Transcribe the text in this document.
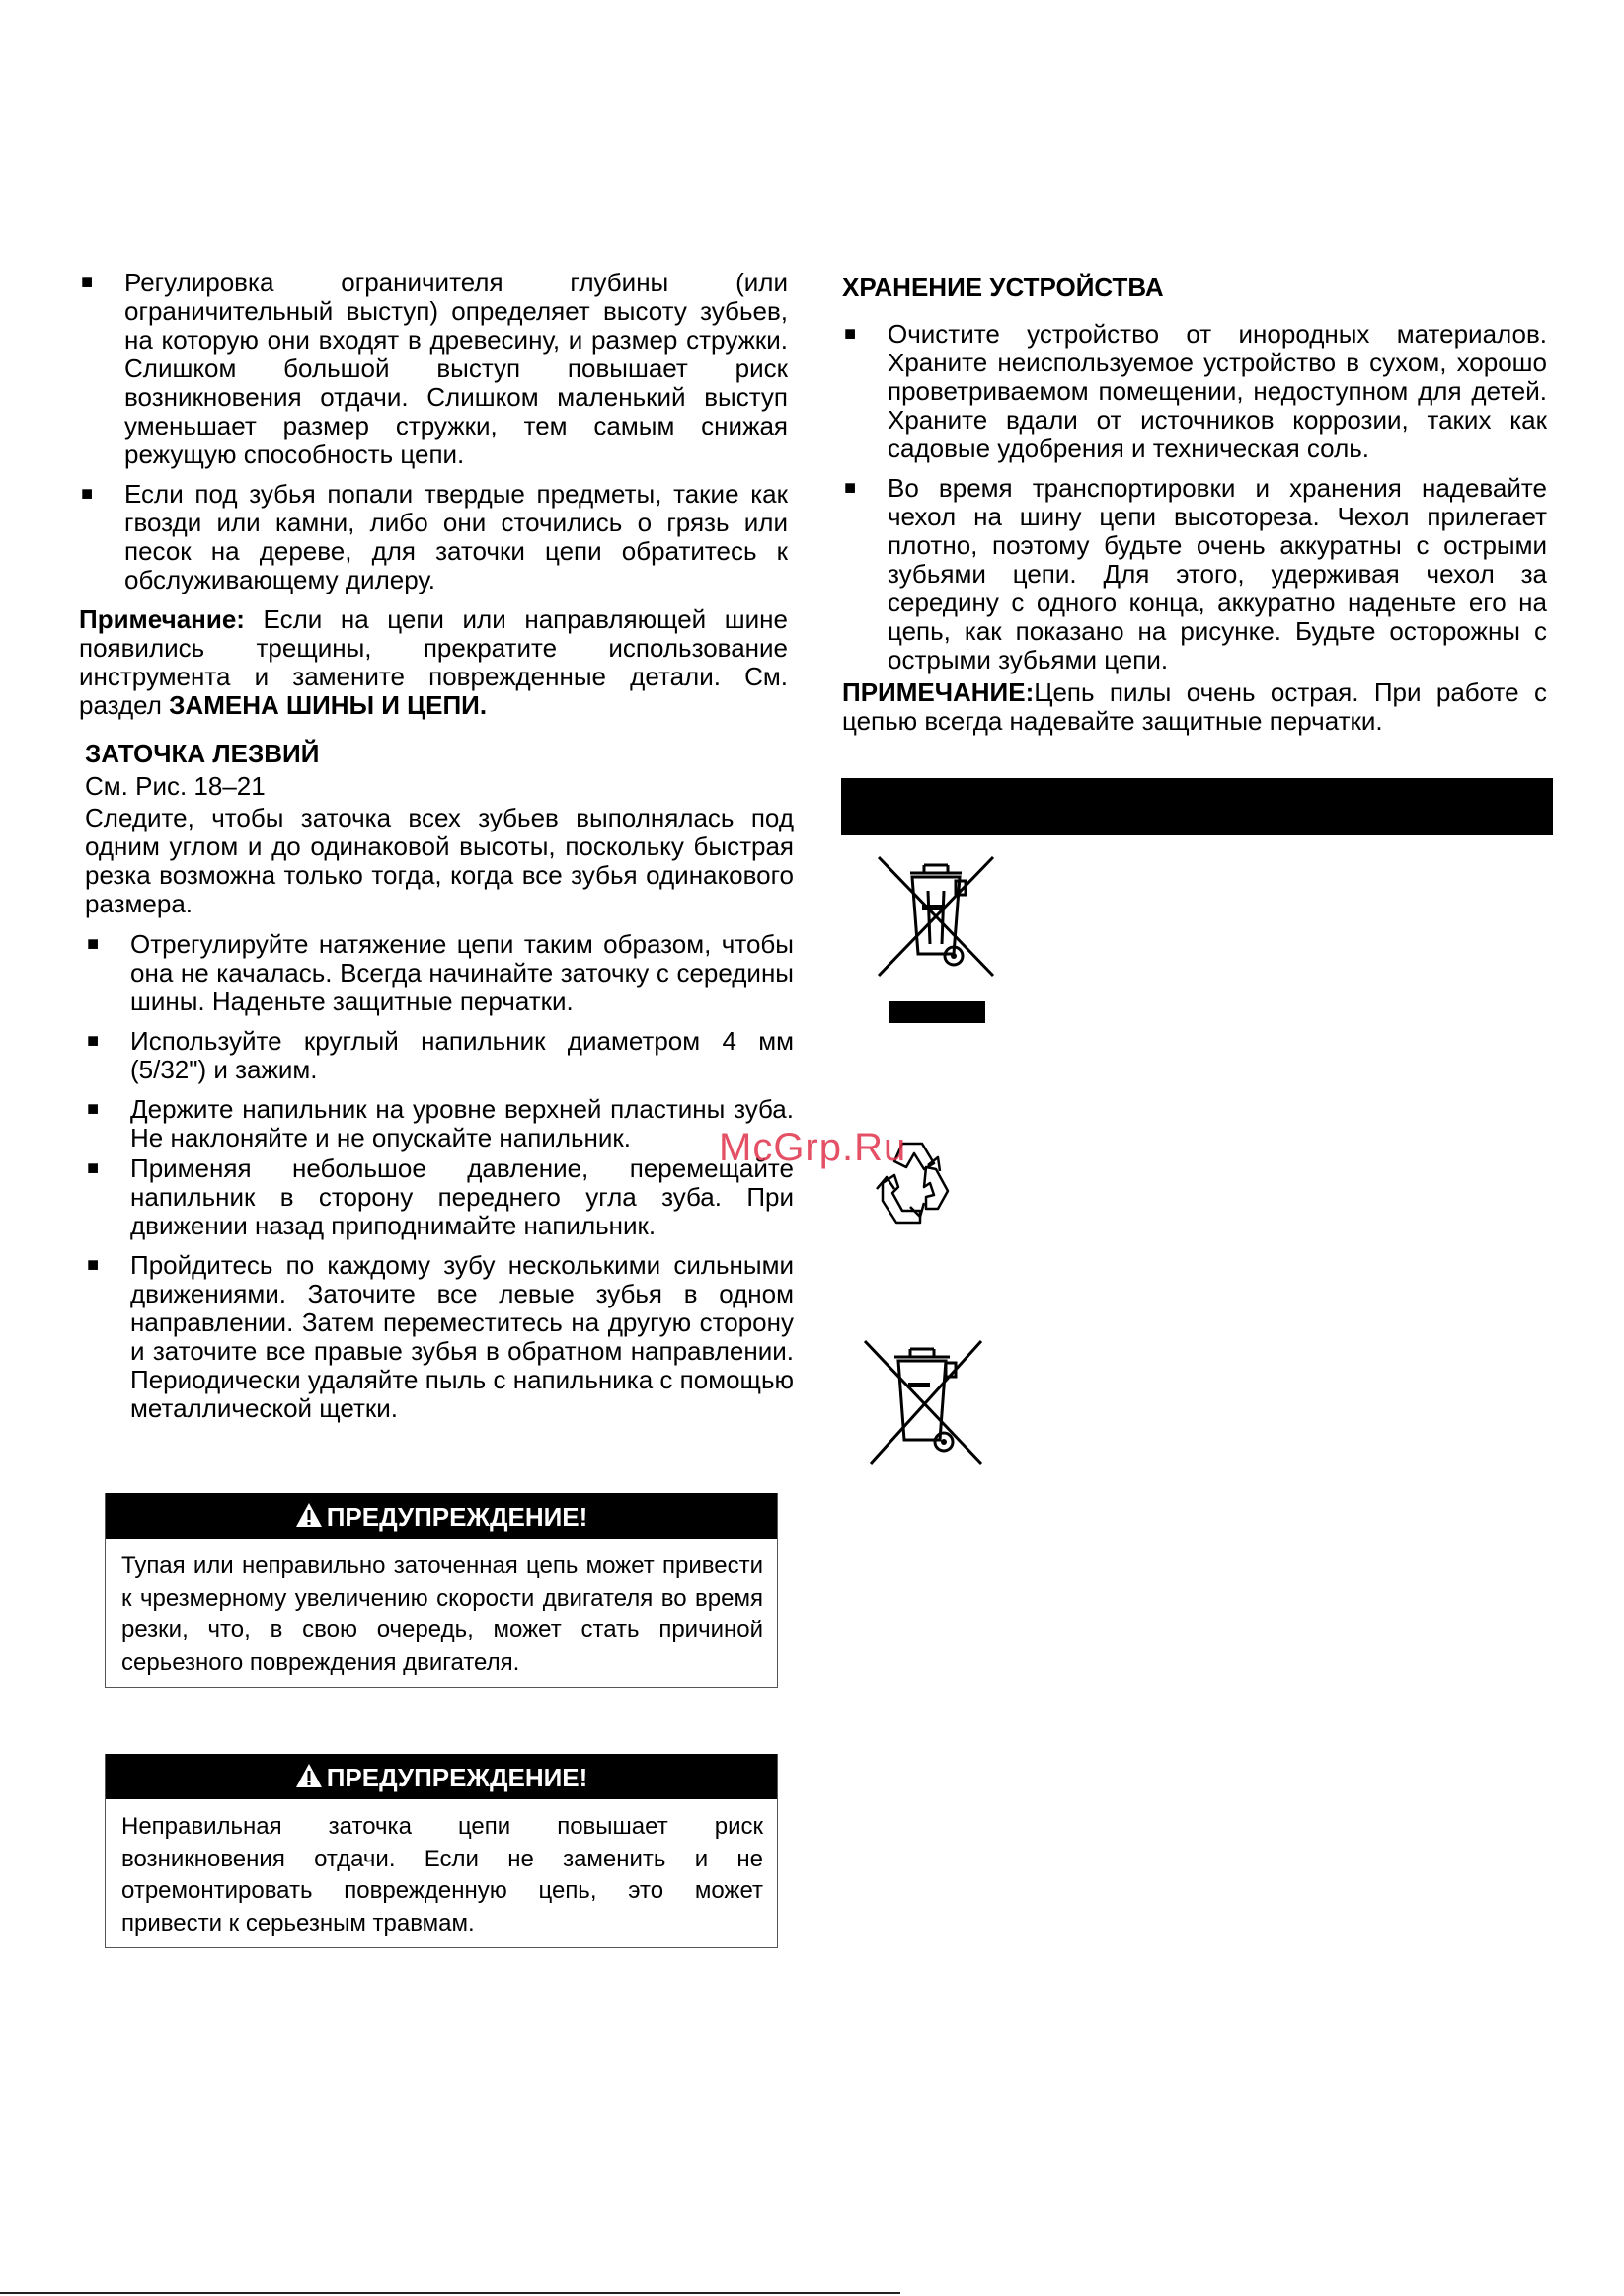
■ Регулировка ограничителя глубины (или ограничительный выступ) определяет высоту зубьев, на которую они входят в древесину, и размер стружки. Слишком большой выступ повышает риск возникновения отдачи. Слишком маленький выступ уменьшает размер стружки, тем самым снижая режущую способность цепи.
■ Если под зубья попали твердые предметы, такие как гвозди или камни, либо они сточились о грязь или песок на дереве, для заточки цепи обратитесь к обслуживающему дилеру.

Примечание: Если на цепи или направляющей шине появились трещины, прекратите использование инструмента и замените поврежденные детали. См. раздел ЗАМЕНА ШИНЫ И ЦЕПИ.

ЗАТОЧКА ЛЕЗВИЙ

См. Рис. 18–21

Следите, чтобы заточка всех зубьев выполнялась под одним углом и до одинаковой высоты, поскольку быстрая резка возможна только тогда, когда все зубья одинакового размера.

■ Отрегулируйте натяжение цепи таким образом, чтобы она не качалась. Всегда начинайте заточку с середины шины. Наденьте защитные перчатки.
■ Используйте круглый напильник диаметром 4 мм (5/32") и зажим.
■ Держите напильник на уровне верхней пластины зуба. Не наклоняйте и не опускайте напильник.
■ Применяя небольшое давление, перемещайте напильник в сторону переднего угла зуба. При движении назад приподнимайте напильник.
■ Пройдитесь по каждому зубу несколькими сильными движениями. Заточите все левые зубья в одном направлении. Затем переместитесь на другую сторону и заточите все правые зубья в обратном направлении. Периодически удаляйте пыль с напильника с помощью металлической щетки.
ПРЕДУПРЕЖДЕНИЕ!
Тупая или неправильно заточенная цепь может привести к чрезмерному увеличению скорости двигателя во время резки, что, в свою очередь, может стать причиной серьезного повреждения двигателя.
ПРЕДУПРЕЖДЕНИЕ!
Неправильная заточка цепи повышает риск возникновения отдачи. Если не заменить и не отремонтировать поврежденную цепь, это может привести к серьезным травмам.
ХРАНЕНИЕ УСТРОЙСТВА
■ Очистите устройство от инородных материалов. Храните неиспользуемое устройство в сухом, хорошо проветриваемом помещении, недоступном для детей. Храните вдали от источников коррозии, таких как садовые удобрения и техническая соль.
■ Во время транспортировки и хранения надевайте чехол на шину цепи высотореза. Чехол прилегает плотно, поэтому будьте очень аккуратны с острыми зубьями цепи. Для этого, удерживая чехол за середину с одного конца, аккуратно наденьте его на цепь, как показано на рисунке. Будьте осторожны с острыми зубьями цепи.

ПРИМЕЧАНИЕ:Цепь пилы очень острая. При работе с цепью всегда надевайте защитные перчатки.

McGrp.Ru
